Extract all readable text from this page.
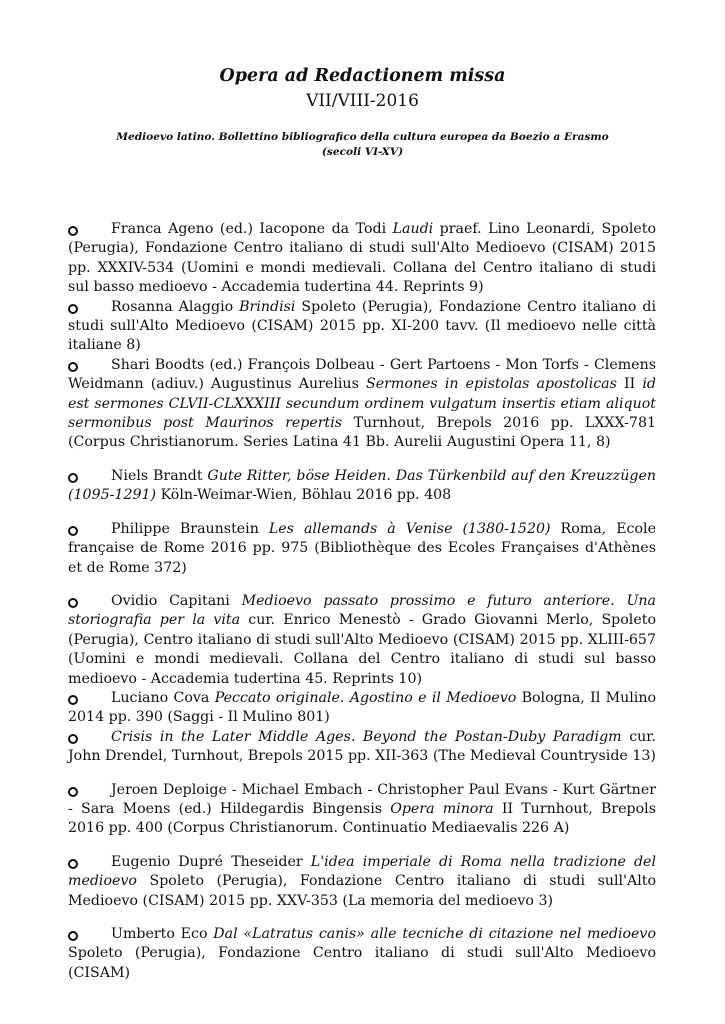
Opera ad Redactionem missa
VII/VIII-2016
Medioevo latino. Bollettino bibliografico della cultura europea da Boezio a Erasmo
(secoli VI-XV)

Franca Ageno (ed.) Iacopone da Todi Laudi praef. Lino Leonardi, Spoleto (Perugia), Fondazione Centro italiano di studi sull'Alto Medioevo (CISAM) 2015 pp. XXXIV-534 (Uomini e mondi medievali. Collana del Centro italiano di studi sul basso medioevo - Accademia tudertina 44. Reprints 9)

Rosanna Alaggio Brindisi Spoleto (Perugia), Fondazione Centro italiano di studi sull'Alto Medioevo (CISAM) 2015 pp. XI-200 tavv. (Il medioevo nelle città italiane 8)

Shari Boodts (ed.) François Dolbeau - Gert Partoens - Mon Torfs - Clemens Weidmann (adiuv.) Augustinus Aurelius Sermones in epistolas apostolicas II id est sermones CLVII-CLXXXIII secundum ordinem vulgatum insertis etiam aliquot sermonibus post Maurinos repertis Turnhout, Brepols 2016 pp. LXXX-781 (Corpus Christianorum. Series Latina 41 Bb. Aurelii Augustini Opera 11, 8)

Niels Brandt Gute Ritter, böse Heiden. Das Türkenbild auf den Kreuzzügen (1095-1291) Köln-Weimar-Wien, Böhlau 2016 pp. 408

Philippe Braunstein Les allemands à Venise (1380-1520) Roma, Ecole française de Rome 2016 pp. 975 (Bibliothèque des Ecoles Françaises d'Athènes et de Rome 372)

Ovidio Capitani Medioevo passato prossimo e futuro anteriore. Una storiografia per la vita cur. Enrico Menestò - Grado Giovanni Merlo, Spoleto (Perugia), Centro italiano di studi sull'Alto Medioevo (CISAM) 2015 pp. XLIII-657 (Uomini e mondi medievali. Collana del Centro italiano di studi sul basso medioevo - Accademia tudertina 45. Reprints 10)

Luciano Cova Peccato originale. Agostino e il Medioevo Bologna, Il Mulino 2014 pp. 390 (Saggi - Il Mulino 801)

Crisis in the Later Middle Ages. Beyond the Postan-Duby Paradigm cur. John Drendel, Turnhout, Brepols 2015 pp. XII-363 (The Medieval Countryside 13)

Jeroen Deploige - Michael Embach - Christopher Paul Evans - Kurt Gärtner - Sara Moens (ed.) Hildegardis Bingensis Opera minora II Turnhout, Brepols 2016 pp. 400 (Corpus Christianorum. Continuatio Mediaevalis 226 A)

Eugenio Dupré Theseider L'idea imperiale di Roma nella tradizione del medioevo Spoleto (Perugia), Fondazione Centro italiano di studi sull'Alto Medioevo (CISAM) 2015 pp. XXV-353 (La memoria del medioevo 3)

Umberto Eco Dal «Latratus canis» alle tecniche di citazione nel medioevo Spoleto (Perugia), Fondazione Centro italiano di studi sull'Alto Medioevo (CISAM)
